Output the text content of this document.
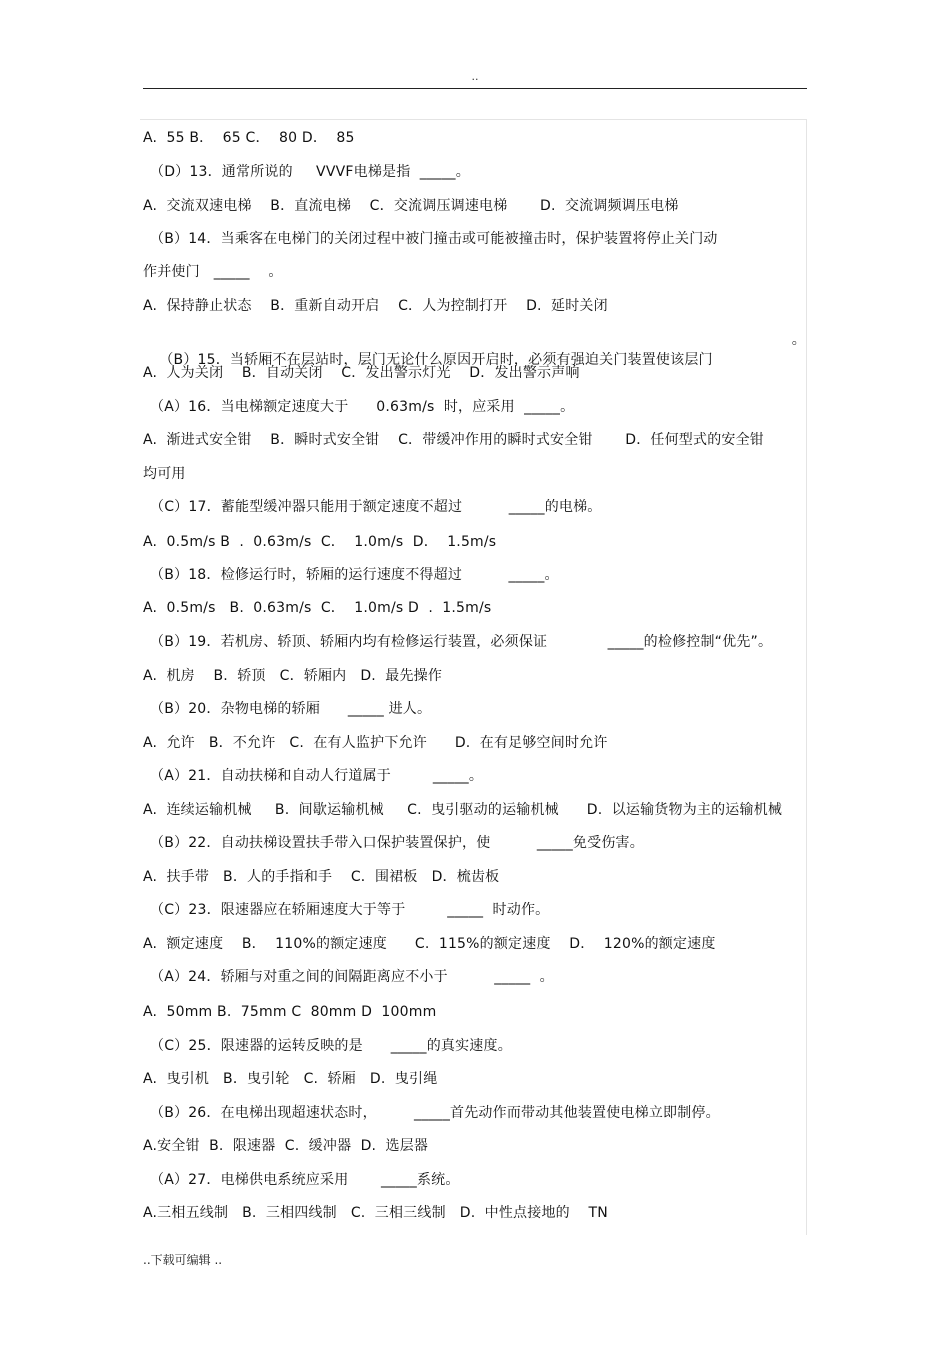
..
A.  55 B．  65 C．  80 D．  85
（D）13．通常所说的     VVVF电梯是指  _____。
A.  交流双速电梯    B．直流电梯    C．交流调压调速电梯       D.  交流调频调压电梯
（B）14．当乘客在电梯门的关闭过程中被门撞击或可能被撞击时，保护装置将停止关门动
作并使门   _____    。
A.  保持静止状态    B．重新自动开启    C．人为控制打开    D.  延时关闭

（B）15．当轿厢不在层站时，层门无论什么原因开启时，必须有强迫关门装置使该层门

。

A.  人为关闭    B．自动关闭    C．发出警示灯光    D．发出警示声响
（A）16．当电梯额定速度大于      0.63m/s  时，应采用  _____。
A.  渐进式安全钳    B．瞬时式安全钳    C．带缓冲作用的瞬时式安全钳       D．任何型式的安全钳
均可用
（C）17．蓄能型缓冲器只能用于额定速度不超过          _____的电梯。
A.  0.5m/s B  .  0.63m/s  C．  1.0m/s  D．  1.5m/s
（B）18．检修运行时，轿厢的运行速度不得超过          _____。
A.  0.5m/s   B.  0.63m/s  C．  1.0m/s D  .  1.5m/s
（B）19．若机房、轿顶、轿厢内均有检修运行装置，必须保证             _____的检修控制“优先”。
A.  机房    B.  轿顶   C．轿厢内   D.  最先操作
（B）20．杂物电梯的轿厢      _____ 进人。
A.  允许   B．不允许   C.  在有人监护下允许      D.  在有足够空间时允许
（A）21．自动扶梯和自动人行道属于         _____。
A.  连续运输机械     B.  间歇运输机械     C.  曳引驱动的运输机械      D.  以运输货物为主的运输机械
（B）22．自动扶梯设置扶手带入口保护装置保护，使          _____免受伤害。
A.  扶手带   B．人的手指和手    C．围裙板   D．梳齿板
（C）23．限速器应在轿厢速度大于等于         _____  时动作。
A.  额定速度    B．  110%的额定速度      C.  115%的额定速度    D．  120%的额定速度
（A）24．轿厢与对重之间的间隔距离应不小于          _____  。
A.  50mm B.  75mm C  80mm D  100mm
（C）25．限速器的运转反映的是      _____的真实速度。
A.  曳引机   B．曳引轮   C.  轿厢   D.  曳引绳
（B）26．在电梯出现超速状态时，        _____首先动作而带动其他装置使电梯立即制停。
A.安全钳  B.  限速器  C.  缓冲器  D.  选层器
（A）27．电梯供电系统应采用       _____系统。
A.三相五线制   B.  三相四线制   C.  三相三线制   D.  中性点接地的    TN
..下载可编辑 ..
